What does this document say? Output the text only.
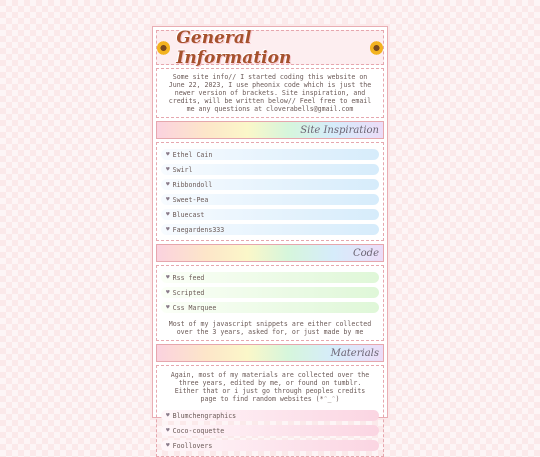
General Information
Some site info// I started coding this website on June 22, 2023, I use pheonix code which is just the newer version of brackets. Site inspiration, and credits, will be written below// Feel free to email me any questions at cloverabells@gmail.com
Site Inspiration
♥ Ethel Cain
♥ Swirl
♥ Ribbondoll
♥ Sweet-Pea
♥ Bluecast
♥ Faegardens333
Code
♥ Rss feed
♥ Scripted
♥ Css Marquee
Most of my javascript snippets are either collected over the 3 years, asked for, or just made by me
Materials
Again, most of my materials are collected over the three years, edited by me, or found on tumblr. Either that or i just go through peoples credits page to find random websites (*ᵔ_ᵔ)
♥ Blumchengraphics
♥ Coco-coquette
♥ Foollovers
